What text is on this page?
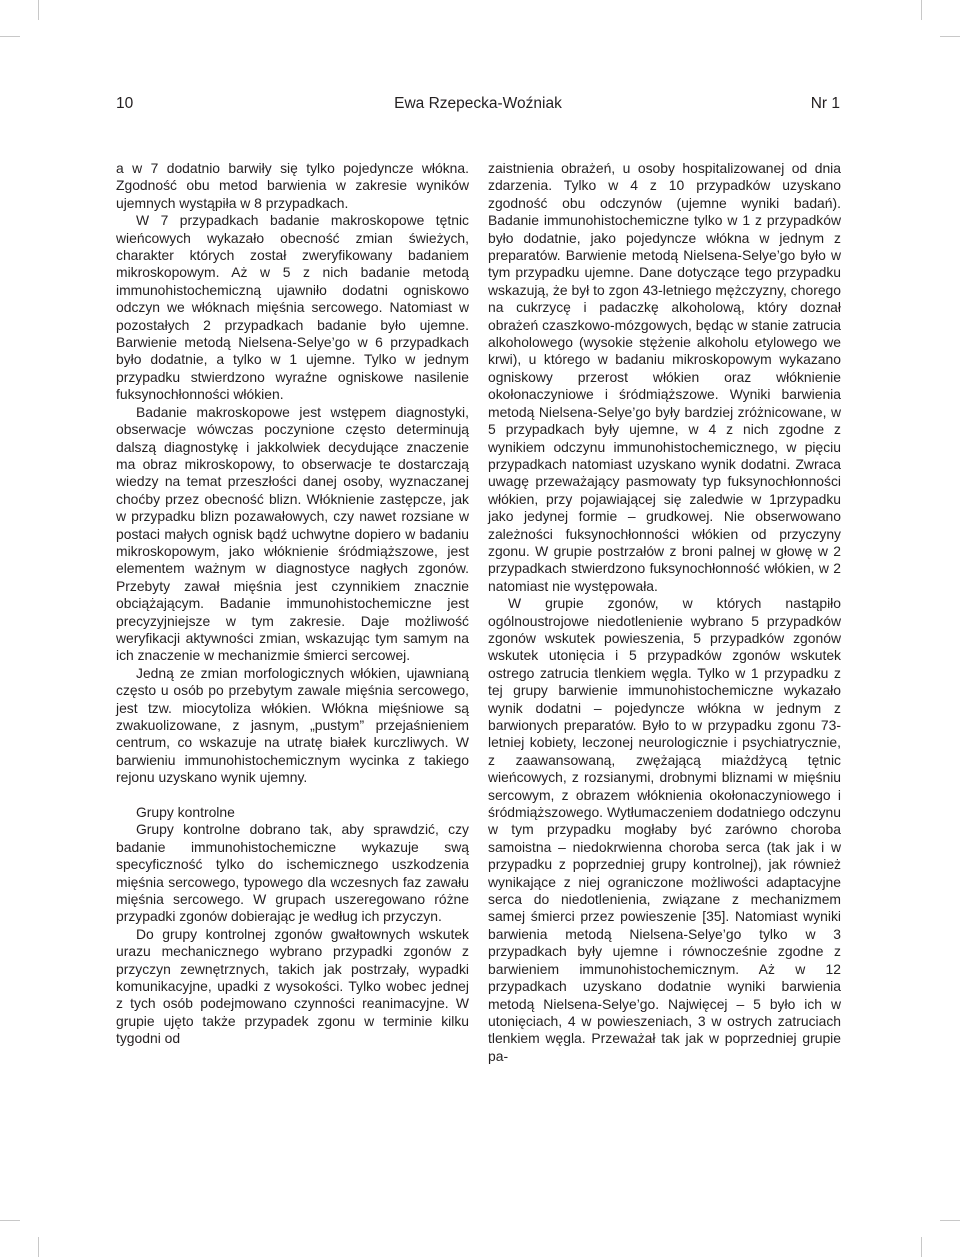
10	Ewa Rzepecka-Woźniak	Nr 1

a w 7 dodatnio barwiły się tylko pojedyncze włókna. Zgodność obu metod barwienia w zakresie wyników ujemnych wystąpiła w 8 przypadkach.

W 7 przypadkach badanie makroskopowe tętnic wieńcowych wykazało obecność zmian świeżych, charakter których został zweryfikowany badaniem mikroskopowym. Aż w 5 z nich badanie metodą immunohistochemiczną ujawniło dodatni ogniskowo odczyn we włóknach mięśnia sercowego. Natomiast w pozostałych 2 przypadkach badanie było ujemne. Barwienie metodą Nielsena-Selye’go w 6 przypadkach było dodatnie, a tylko w 1 ujemne. Tylko w jednym przypadku stwierdzono wyraźne ogniskowe nasilenie fuksynochłonności włókien.

Badanie makroskopowe jest wstępem diagnostyki, obserwacje wówczas poczynione często determinują dalszą diagnostykę i jakkolwiek decydujące znaczenie ma obraz mikroskopowy, to obserwacje te dostarczają wiedzy na temat przeszłości danej osoby, wyznaczanej choćby przez obecność blizn. Włóknienie zastępcze, jak w przypadku blizn pozawałowych, czy nawet rozsiane w postaci małych ognisk bądź uchwytne dopiero w badaniu mikroskopowym, jako włóknienie śródmiąższowe, jest elementem ważnym w diagnostyce nagłych zgonów. Przebyty zawał mięśnia jest czynnikiem znacznie obciążającym. Badanie immunohistochemiczne jest precyzyjniejsze w tym zakresie. Daje możliwość weryfikacji aktywności zmian, wskazując tym samym na ich znaczenie w mechanizmie śmierci sercowej.

Jedną ze zmian morfologicznych włókien, ujawnianą często u osób po przebytym zawale mięśnia sercowego, jest tzw. miocytoliza włókien. Włókna mięśniowe są zwakuolizowane, z jasnym, „pustym” przejaśnieniem centrum, co wskazuje na utratę białek kurczliwych. W barwieniu immunohistochemicznym wycinka z takiego rejonu uzyskano wynik ujemny.

Grupy kontrolne

Grupy kontrolne dobrano tak, aby sprawdzić, czy badanie immunohistochemiczne wykazuje swą specyficzność tylko do ischemicznego uszkodzenia mięśnia sercowego, typowego dla wczesnych faz zawału mięśnia sercowego. W grupach uszeregowano różne przypadki zgonów dobierając je według ich przyczyn.

Do grupy kontrolnej zgonów gwałtownych wskutek urazu mechanicznego wybrano przypadki zgonów z przyczyn zewnętrznych, takich jak postrzały, wypadki komunikacyjne, upadki z wysokości. Tylko wobec jednej z tych osób podejmowano czynności reanimacyjne. W grupie ujęto także przypadek zgonu w terminie kilku tygodni od

zaistnienia obrażeń, u osoby hospitalizowanej od dnia zdarzenia. Tylko w 4 z 10 przypadków uzyskano zgodność obu odczynów (ujemne wyniki badań). Badanie immunohistochemiczne tylko w 1 z przypadków było dodatnie, jako pojedyncze włókna w jednym z preparatów. Barwienie metodą Nielsena-Selye’go było w tym przypadku ujemne. Dane dotyczące tego przypadku wskazują, że był to zgon 43-letniego mężczyzny, chorego na cukrzycę i padaczkę alkoholową, który doznał obrażeń czaszkowo-mózgowych, będąc w stanie zatrucia alkoholowego (wysokie stężenie alkoholu etylowego we krwi), u którego w badaniu mikroskopowym wykazano ogniskowy przerost włókien oraz włóknienie okołonaczyniowe i śródmiąższowe. Wyniki barwienia metodą Nielsena-Selye’go były bardziej zróżnicowane, w 5 przypadkach były ujemne, w 4 z nich zgodne z wynikiem odczynu immunohistochemicznego, w pięciu przypadkach natomiast uzyskano wynik dodatni. Zwraca uwagę przeważający pasmowaty typ fuksynochłonności włókien, przy pojawiającej się zaledwie w 1przypadku jako jedynej formie – grudkowej. Nie obserwowano zależności fuksynochłonności włókien od przyczyny zgonu. W grupie postrzałów z broni palnej w głowę w 2 przypadkach stwierdzono fuksynochłonność włókien, w 2 natomiast nie występowała.

W grupie zgonów, w których nastąpiło ogólnoustrojowe niedotlenienie wybrano 5 przypadków zgonów wskutek powieszenia, 5 przypadków zgonów wskutek utonięcia i 5 przypadków zgonów wskutek ostrego zatrucia tlenkiem węgla. Tylko w 1 przypadku z tej grupy barwienie immunohistochemiczne wykazało wynik dodatni – pojedyncze włókna w jednym z barwionych preparatów. Było to w przypadku zgonu 73-letniej kobiety, leczonej neurologicznie i psychiatrycznie, z zaawansowaną, zwężającą miażdżycą tętnic wieńcowych, z rozsianymi, drobnymi bliznami w mięśniu sercowym, z obrazem włóknienia okołonaczyniowego i śródmiąższowego. Wytłumaczeniem dodatniego odczynu w tym przypadku mogłaby być zarówno choroba samoistna – niedokrwienna choroba serca (tak jak i w przypadku z poprzedniej grupy kontrolnej), jak również wynikające z niej ograniczone możliwości adaptacyjne serca do niedotlenienia, związane z mechanizmem samej śmierci przez powieszenie [35]. Natomiast wyniki barwienia metodą Nielsena-Selye’go tylko w 3 przypadkach były ujemne i równocześnie zgodne z barwieniem immunohistochemicznym. Aż w 12 przypadkach uzyskano dodatnie wyniki barwienia metodą Nielsena-Selye’go. Najwięcej – 5 było ich w utonięciach, 4 w powieszeniach, 3 w ostrych zatruciach tlenkiem węgla. Przeważał tak jak w poprzedniej grupie pa-
